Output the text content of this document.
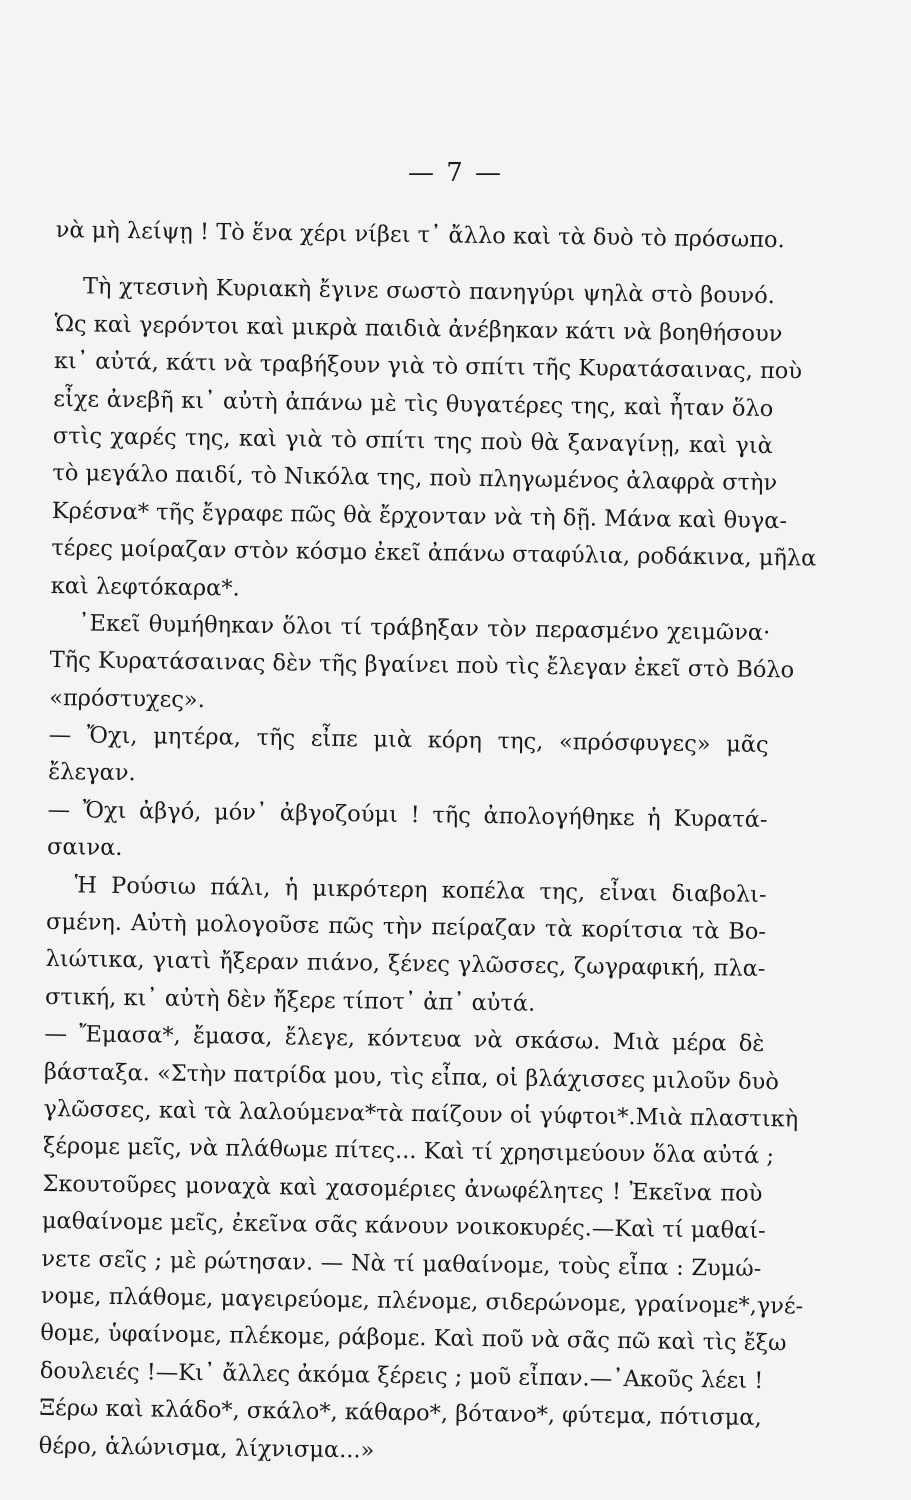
— 7 —
νὰ μὴ λείψῃ ! Τὸ ἕνα χέρι νίβει τ᾿ ἄλλο καὶ τὰ δυὸ τὸ πρόσωπο.
Τὴ χτεσινὴ Κυριακὴ ἔγινε σωστὸ πανηγύρι ψηλὰ στὸ βουνό.
Ὡς καὶ γερόντοι καὶ μικρὰ παιδιὰ ἀνέβηκαν κάτι νὰ βοηθήσουν
κι᾿ αὐτά, κάτι νὰ τραβήξουν γιὰ τὸ σπίτι τῆς Κυρατάσαινας, ποὺ
εἶχε ἀνεβῆ κι᾿ αὐτὴ ἀπάνω μὲ τὶς θυγατέρες της, καὶ ἦταν ὅλο
στὶς χαρές της, καὶ γιὰ τὸ σπίτι της ποὺ θὰ ξαναγίνῃ, καὶ γιὰ
τὸ μεγάλο παιδί, τὸ Νικόλα της, ποὺ πληγωμένος ἀλαφρὰ στὴν
Κρέσνα* τῆς ἔγραφε πῶς θὰ ἔρχονταν νὰ τὴ δῇ. Μάνα καὶ θυγα-
τέρες μοίραζαν στὸν κόσμο ἐκεῖ ἀπάνω σταφύλια, ροδάκινα, μῆλα
καὶ λεφτόκαρα*.
᾿Εκεῖ θυμήθηκαν ὅλοι τί τράβηξαν τὸν περασμένο χειμῶνα·
Τῆς Κυρατάσαινας δὲν τῆς βγαίνει ποὺ τὶς ἔλεγαν ἐκεῖ στὸ Βόλο
«πρόστυχες».
— Ὄχι, μητέρα, τῆς εἶπε μιὰ κόρη της, «πρόσφυγες» μᾶς
ἔλεγαν.
— Ὄχι ἀβγό, μόν᾿ ἀβγοζούμι ! τῆς ἀπολογήθηκε ἡ Κυρατά-
σαινα.
Ἡ Ρούσιω πάλι, ἡ μικρότερη κοπέλα της, εἶναι διαβολι-
σμένη. Αὐτὴ μολογοῦσε πῶς τὴν πείραζαν τὰ κορίτσια τὰ Βο-
λιώτικα, γιατὶ ἤξεραν πιάνο, ξένες γλῶσσες, ζωγραφική, πλα-
στική, κι᾿ αὐτὴ δὲν ἤξερε τίποτ᾿ ἀπ᾿ αὐτά.
— Ἔμασα*, ἔμασα, ἔλεγε, κόντευα νὰ σκάσω. Μιὰ μέρα δὲ
βάσταξα. «Στὴν πατρίδα μου, τὶς εἶπα, οἱ βλάχισσες μιλοῦν δυὸ
γλῶσσες, καὶ τὰ λαλούμενα*τὰ παίζουν οἱ γύφτοι*.Μιὰ πλαστικὴ
ξέρομε μεῖς, νὰ πλάθωμε πίτες... Καὶ τί χρησιμεύουν ὅλα αὐτά ;
Σκουτοῦρες μοναχὰ καὶ χασομέριες ἀνωφέλητες ! Ἐκεῖνα ποὺ
μαθαίνομε μεῖς, ἐκεῖνα σᾶς κάνουν νοικοκυρές.—Καὶ τί μαθαί-
νετε σεῖς ; μὲ ρώτησαν. — Νὰ τί μαθαίνομε, τοὺς εἶπα : Ζυμώ-
νομε, πλάθομε, μαγειρεύομε, πλένομε, σιδερώνομε, γραίνομε*,γνέ-
θομε, ὑφαίνομε, πλέκομε, ράβομε. Καὶ ποῦ νὰ σᾶς πῶ καὶ τὶς ἔξω
δουλειές !—Κι᾿ ἄλλες ἀκόμα ξέρεις ; μοῦ εἶπαν.—᾿Ακοῦς λέει !
Ξέρω καὶ κλάδο*, σκάλο*, κάθαρο*, βότανο*, φύτεμα, πότισμα,
θέρο, ἁλώνισμα, λίχνισμα...»
